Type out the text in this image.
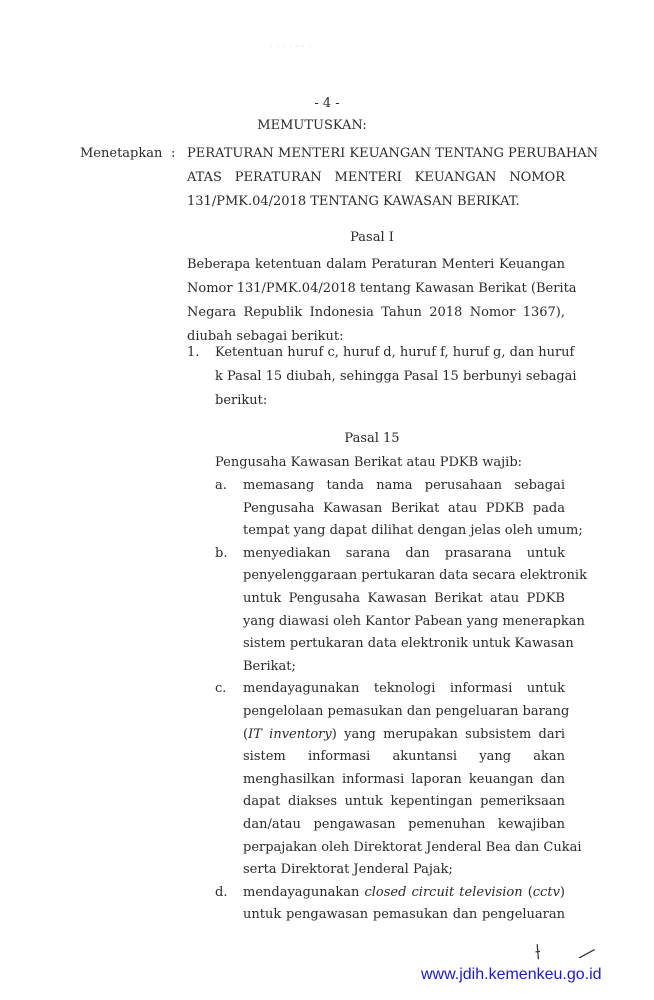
· · · · · · ·
- 4 -
MEMUTUSKAN:
Menetapkan : PERATURAN MENTERI KEUANGAN TENTANG PERUBAHAN
ATAS PERATURAN MENTERI KEUANGAN NOMOR
131/PMK.04/2018 TENTANG KAWASAN BERIKAT.
Pasal I
Beberapa ketentuan dalam Peraturan Menteri Keuangan
Nomor 131/PMK.04/2018 tentang Kawasan Berikat (Berita
Negara Republik Indonesia Tahun 2018 Nomor 1367),
diubah sebagai berikut:
1. Ketentuan huruf c, huruf d, huruf f, huruf g, dan huruf
k Pasal 15 diubah, sehingga Pasal 15 berbunyi sebagai
berikut:
Pasal 15
Pengusaha Kawasan Berikat atau PDKB wajib:
a. memasang tanda nama perusahaan sebagai
Pengusaha Kawasan Berikat atau PDKB pada
tempat yang dapat dilihat dengan jelas oleh umum;
b. menyediakan sarana dan prasarana untuk
penyelenggaraan pertukaran data secara elektronik
untuk Pengusaha Kawasan Berikat atau PDKB
yang diawasi oleh Kantor Pabean yang menerapkan
sistem pertukaran data elektronik untuk Kawasan
Berikat;
c. mendayagunakan teknologi informasi untuk
pengelolaan pemasukan dan pengeluaran barang
(IT inventory) yang merupakan subsistem dari
sistem informasi akuntansi yang akan
menghasilkan informasi laporan keuangan dan
dapat diakses untuk kepentingan pemeriksaan
dan/atau pengawasan pemenuhan kewajiban
perpajakan oleh Direktorat Jenderal Bea dan Cukai
serta Direktorat Jenderal Pajak;
d. mendayagunakan closed circuit television (cctv)
untuk pengawasan pemasukan dan pengeluaran
⟊ ⁄
www.jdih.kemenkeu.go.id
